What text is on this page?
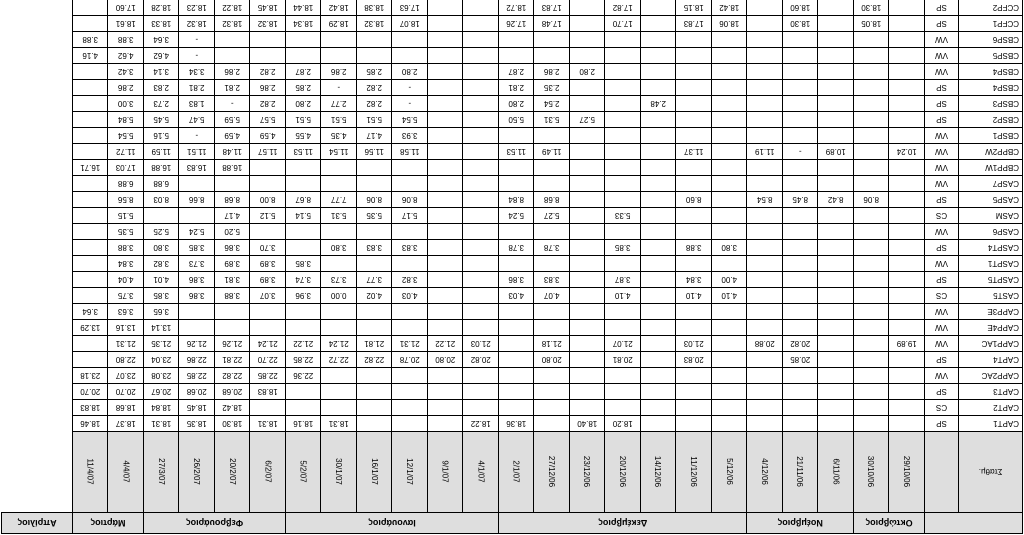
		Οκτώβριος		Νοέμβριος			Δεκέμβριος							Ιανουάριος						Φεβρουάριος				Μάρτιος		Απρίλιος
Σταθμ.		29/10/06	30/10/06	6/11/06	21/11/06	4/12/06	5/12/06	11/12/06	14/12/06	20/12/06	23/12/06	27/12/06	2/1/07	4/1/07	9/1/07	12/1/07	16/1/07	30/1/07	5/2/07	6/2/07	20/2/07	26/2/07	27/3/07	4/4/07	11/4/07	
CAPT1	SP									18.20	18.40		18.36	18.22				18.31	18.16	18.31	18.30	18.35	18.31	18.37	18.46	
CAPT2	CS																				18.42	18.45	18.84	18.68	18.83	
CAPT3	SP																			18.83	20.68	20.68	20.67	20.70	20.70	
CAPP2AC	VW																		22.36	22.85	22.82	22.85	23.08	23.07	23.18	
CAPT4	SP				20.85			20.83		20.81		20.80		20.82	20.80	20.78	22.82	22.72	22.85	22.70	22.81	22.86	23.04	22.80		
CAPP1AC	VW	19.89			20.82	20.88		21.03		21.07		21.18		21.03	21.22	21.31	21.81	21.24	21.22	21.24	21.26	21.26	21.35	21.31		
CAPP4E	VW																						13.14	13.16	13.29	
CAPP3E	VW																						3.65	3.63	3.64	
CAST5	CS						4.10	4.10		4.10		4.07	4.03			4.03	4.02	0.00	3.96	3.07	3.88	3.86	3.85	3.75		
CASPT5	SP						4.00	3.84		3.87		3.83	3.86			3.82	3.77	3.73	3.74	3.89	3.81	3.86	4.01	4.04		
CASPT1	VW																		3.85	3.89	3.89	3.73	3.82	3.84		
CASPT4	SP						3.80	3.88		3.85		3.78	3.78			3.83	3.83	3.80		3.70	3.86	3.85	3.80	3.88		
CASP6	VW																				5.20	5.24	5.25	5.35		
CASM	CS									5.33		5.27	5.24			5.17	5.35	5.31	5.14	5.12	4.17			5.15		
CASP5	SP		8.06	8.42	8.45	8.54		8.60				8.68	8.84			8.06	8.06	7.77	8.67	8.00	8.68	8.66	8.03	8.56		
CASP7	VW																						6.88	6.88		
CBPP1W	VW																				16.88	16.83	16.88	17.03	16.71	
CBPP2W	VW	10.24		10.89	-	11.19		11.37				11.49	11.53			11.58	11.56	11.54	11.53	11.57	11.48	11.51	11.59	11.72		
CBSP1	VW															3.93	4.17	4.35	4.55	4.59	4.59	-	5.16	5.54		
CBSP2	SP										5.27	5.31	5.50			5.54	5.51	5.51	5.51	5.57	5.59	5.47	5.45	5.84		
CBSP3	SP								2.48			2.54	2.80			-	2.82	2.77	2.80	2.82	-	1.83	2.73	3.00		
CBSP4	SP											2.35	2.81			-	2.82	-	2.85	2.86	2.81	2.81	2.83	2.86		
CBSP4	VW										2.80	2.86	2.87			2.80	2.85	2.86	2.87	2.82	2.86	3.34	3.14	3.42		
CBSP5	VW																					-	4.62	4.62	4.16	
CBSP6	VW																					-	3.64	3.88	3.88	
CCFP1	SP		18.05		18.30		18.06	17.83		17.70		17.48	17.26			18.07	18.32	18.29	18.34	18.32	18.32	18.32	18.33	18.61		
CCFP2	SP		18.30		18.60		18.42	18.15		17.82		17.83	18.72			17.63	18.38	18.42	18.44	18.45	18.22	18.23	18.28	17.60		
